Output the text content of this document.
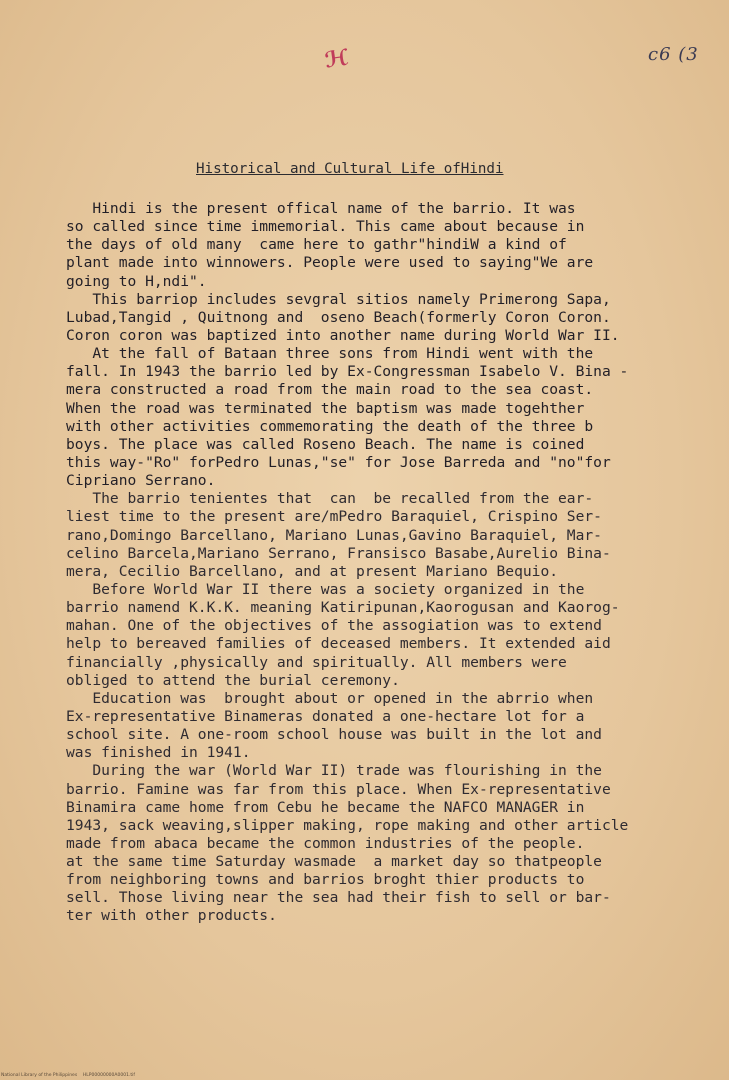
c6 (3
ℋ
Historical and Cultural Life ofHindi
Hindi is the present offical name of the barrio. It was
so called since time immemorial. This came about because in
the days of old many  came here to gathr"hindiW a kind of
plant made into winnowers. People were used to saying"We are
going to H,ndi".
This barriop includes sevgral sitios namely Primerong Sapa,
Lubad,Tangid , Quitnong and  oseno Beach(formerly Coron Coron.
Coron coron was baptized into another name during World War II.
At the fall of Bataan three sons from Hindi went with the
fall. In 1943 the barrio led by Ex-Congressman Isabelo V. Bina -
mera constructed a road from the main road to the sea coast.
When the road was terminated the baptism was made togehther
with other activities commemorating the death of the three b
boys. The place was called Roseno Beach. The name is coined
this way-"Ro" forPedro Lunas,"se" for Jose Barreda and "no"for
Cipriano Serrano.
The barrio tenientes that  can  be recalled from the ear-
liest time to the present are/mPedro Baraquiel, Crispino Ser-
rano,Domingo Barcellano, Mariano Lunas,Gavino Baraquiel, Mar-
celino Barcela,Mariano Serrano, Fransisco Basabe,Aurelio Bina-
mera, Cecilio Barcellano, and at present Mariano Bequio.
Before World War II there was a society organized in the
barrio namend K.K.K. meaning Katiripunan,Kaorogusan and Kaorog-
mahan. One of the objectives of the assogiation was to extend
help to bereaved families of deceased members. It extended aid
financially ,physically and spiritually. All members were
obliged to attend the burial ceremony.
Education was  brought about or opened in the abrrio when
Ex-representative Binameras donated a one-hectare lot for a
school site. A one-room school house was built in the lot and
was finished in 1941.
During the war (World War II) trade was flourishing in the
barrio. Famine was far from this place. When Ex-representative
Binamira came home from Cebu he became the NAFCO MANAGER in
1943, sack weaving,slipper making, rope making and other article
made from abaca became the common industries of the people.
at the same time Saturday wasmade  a market day so thatpeople
from neighboring towns and barrios broght thier products to
sell. Those living near the sea had their fish to sell or bar-
ter with other products.
National Library of the Philippines    HLP00000000A0001.tif
